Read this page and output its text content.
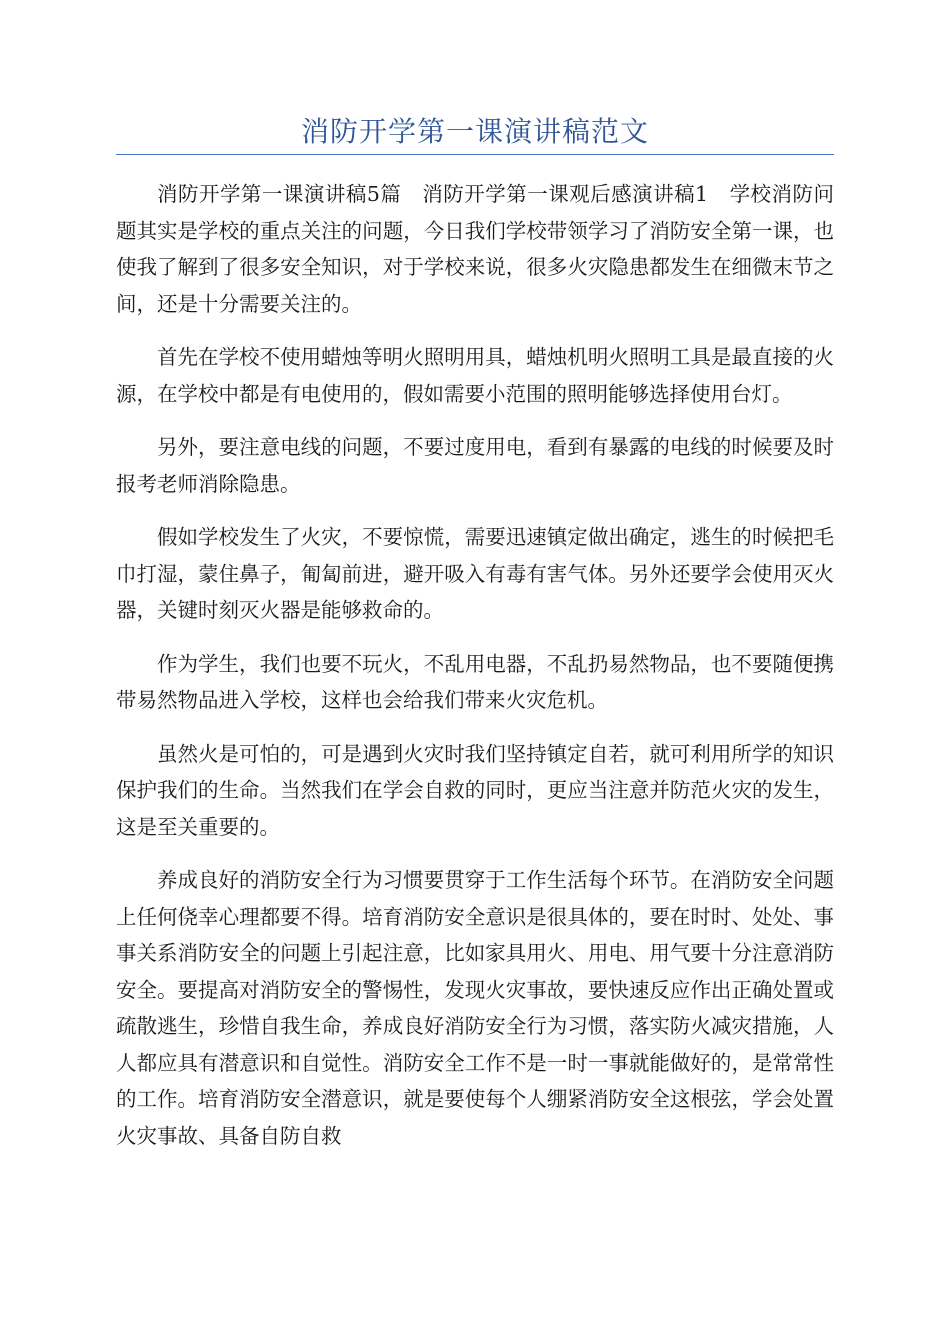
消防开学第一课演讲稿范文

消防开学第一课演讲稿5篇　消防开学第一课观后感演讲稿1　学校消防问题其实是学校的重点关注的问题，今日我们学校带领学习了消防安全第一课，也使我了解到了很多安全知识，对于学校来说，很多火灾隐患都发生在细微末节之间，还是十分需要关注的。

首先在学校不使用蜡烛等明火照明用具，蜡烛机明火照明工具是最直接的火源，在学校中都是有电使用的，假如需要小范围的照明能够选择使用台灯。

另外，要注意电线的问题，不要过度用电，看到有暴露的电线的时候要及时报考老师消除隐患。

假如学校发生了火灾，不要惊慌，需要迅速镇定做出确定，逃生的时候把毛巾打湿，蒙住鼻子，匍匐前进，避开吸入有毒有害气体。另外还要学会使用灭火器，关键时刻灭火器是能够救命的。

作为学生，我们也要不玩火，不乱用电器，不乱扔易然物品，也不要随便携带易然物品进入学校，这样也会给我们带来火灾危机。

虽然火是可怕的，可是遇到火灾时我们坚持镇定自若，就可利用所学的知识保护我们的生命。当然我们在学会自救的同时，更应当注意并防范火灾的发生，这是至关重要的。

养成良好的消防安全行为习惯要贯穿于工作生活每个环节。在消防安全问题上任何侥幸心理都要不得。培育消防安全意识是很具体的，要在时时、处处、事事关系消防安全的问题上引起注意，比如家具用火、用电、用气要十分注意消防安全。要提高对消防安全的警惕性，发现火灾事故，要快速反应作出正确处置或疏散逃生，珍惜自我生命，养成良好消防安全行为习惯，落实防火减灾措施，人人都应具有潜意识和自觉性。消防安全工作不是一时一事就能做好的，是常常性的工作。培育消防安全潜意识，就是要使每个人绷紧消防安全这根弦，学会处置火灾事故、具备自防自救
